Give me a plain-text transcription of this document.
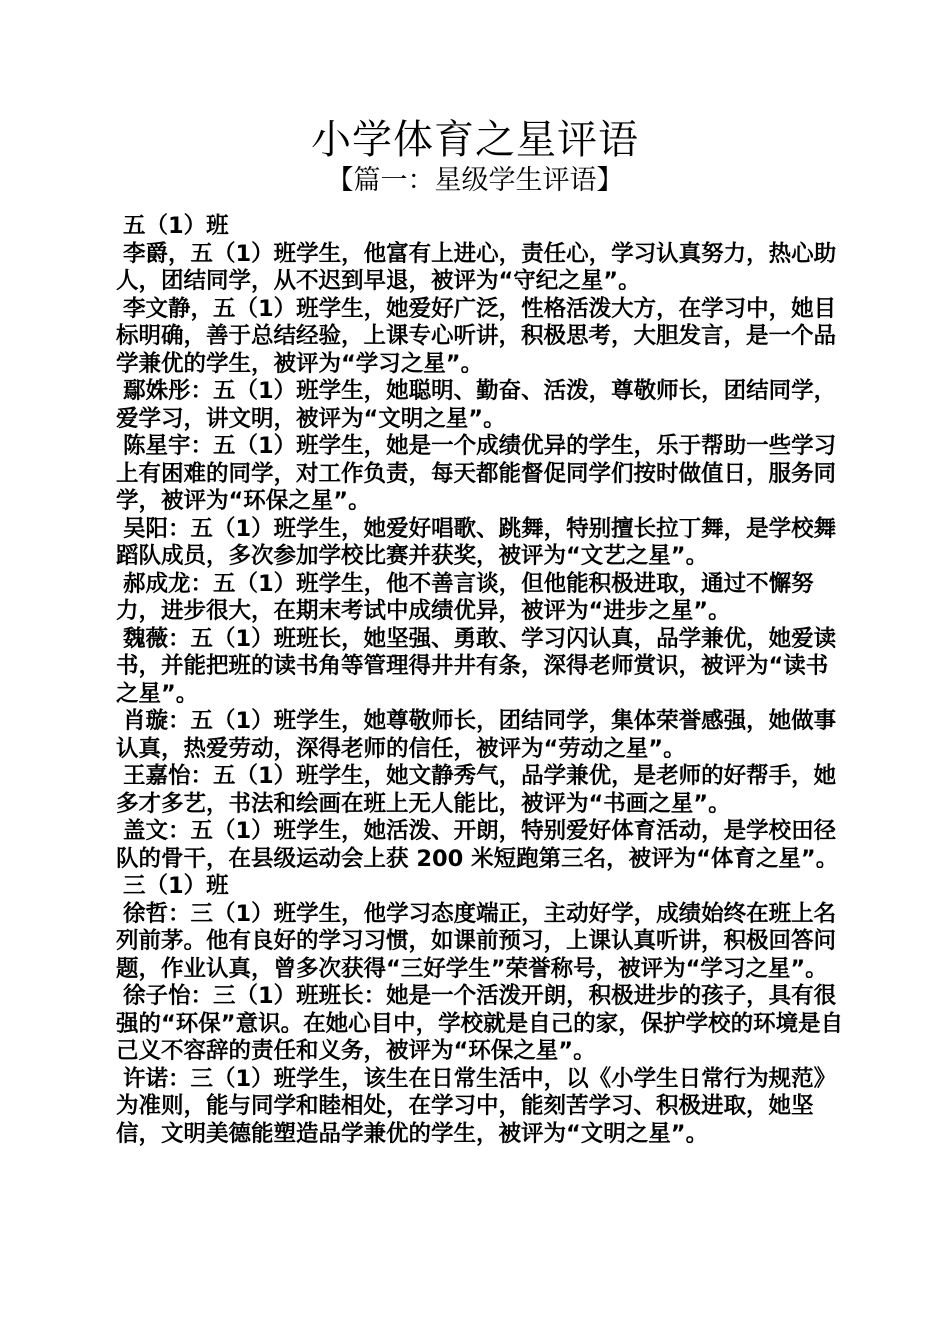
小学体育之星评语
【篇一：星级学生评语】

五（1）班

李爵，五（1）班学生，他富有上进心，责任心，学习认真努力，热心助人，团结同学，从不迟到早退，被评为“守纪之星”。

李文静，五（1）班学生，她爱好广泛，性格活泼大方，在学习中，她目标明确，善于总结经验，上课专心听讲，积极思考，大胆发言，是一个品学兼优的学生，被评为“学习之星”。

鄢姝彤：五（1）班学生，她聪明、勤奋、活泼，尊敬师长，团结同学，爱学习，讲文明，被评为“文明之星”。

陈星宇：五（1）班学生，她是一个成绩优异的学生，乐于帮助一些学习上有困难的同学，对工作负责，每天都能督促同学们按时做值日，服务同学，被评为“环保之星”。

吴阳：五（1）班学生，她爱好唱歌、跳舞，特别擅长拉丁舞，是学校舞蹈队成员，多次参加学校比赛并获奖，被评为“文艺之星”。

郝成龙：五（1）班学生，他不善言谈，但他能积极进取，通过不懈努力，进步很大，在期末考试中成绩优异，被评为“进步之星”。

魏薇：五（1）班班长，她坚强、勇敢、学习闪认真，品学兼优，她爱读书，并能把班的读书角等管理得井井有条，深得老师赏识，被评为“读书之星”。

肖璇：五（1）班学生，她尊敬师长，团结同学，集体荣誉感强，她做事认真，热爱劳动，深得老师的信任，被评为“劳动之星”。

王嘉怡：五（1）班学生，她文静秀气，品学兼优，是老师的好帮手，她多才多艺，书法和绘画在班上无人能比，被评为“书画之星”。

盖文：五（1）班学生，她活泼、开朗，特别爱好体育活动，是学校田径队的骨干，在县级运动会上获 200 米短跑第三名，被评为“体育之星”。

三（1）班

徐哲：三（1）班学生，他学习态度端正，主动好学，成绩始终在班上名列前茅。他有良好的学习习惯，如课前预习，上课认真听讲，积极回答问题，作业认真，曾多次获得“三好学生”荣誉称号，被评为“学习之星”。

徐子怡：三（1）班班长：她是一个活泼开朗，积极进步的孩子，具有很强的“环保”意识。在她心目中，学校就是自己的家，保护学校的环境是自己义不容辞的责任和义务，被评为“环保之星”。

许诺：三（1）班学生，该生在日常生活中，以《小学生日常行为规范》为准则，能与同学和睦相处，在学习中，能刻苦学习、积极进取，她坚信，文明美德能塑造品学兼优的学生，被评为“文明之星”。
